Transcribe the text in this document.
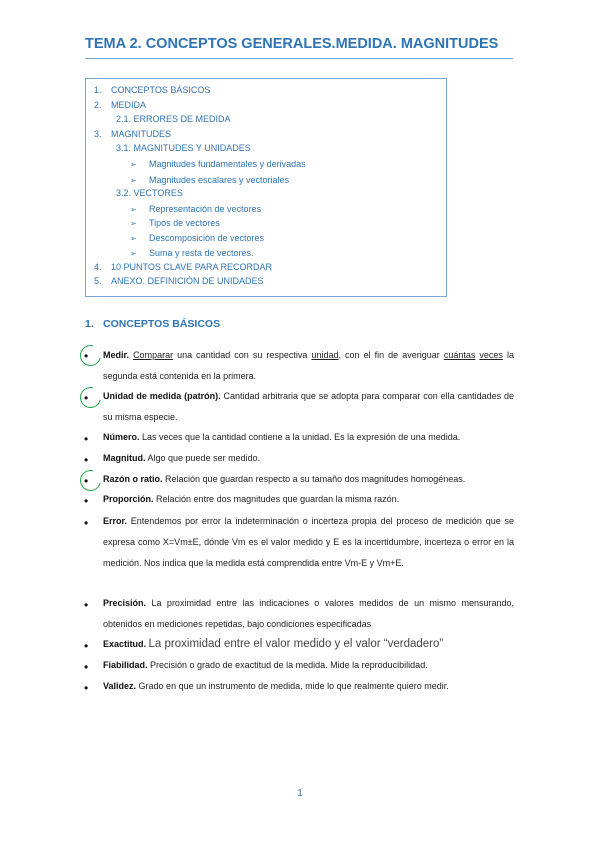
TEMA 2. CONCEPTOS GENERALES.MEDIDA. MAGNITUDES
1. CONCEPTOS BÁSICOS
2. MEDIDA
2.1. ERRORES DE MEDIDA
3. MAGNITUDES
3.1. MAGNITUDES Y UNIDADES
➢ Magnitudes fundamentales y derivadas
➢ Magnitudes escalares y vectoriales
3.2. VECTORES
➢ Representación de vectores
➢ Tipos de vectores
➢ Descomposición de vectores
➢ Suma y resta de vectores.
4. 10 PUNTOS CLAVE PARA RECORDAR
5. ANEXO. DEFINICIÓN DE UNIDADES
1. CONCEPTOS BÁSICOS
• Medir. Comparar una cantidad con su respectiva unidad, con el fin de averiguar cuántas veces la segunda está contenida en la primera.
• Unidad de medida (patrón). Cantidad arbitraria que se adopta para comparar con ella cantidades de su misma especie.
• Número. Las veces que la cantidad contiene a la unidad. Es la expresión de una medida.
• Magnitud. Algo que puede ser medido.
• Razón o ratio. Relación que guardan respecto a su tamaño dos magnitudes homogéneas.
• Proporción. Relación entre dos magnitudes que guardan la misma razón.
• Error. Entendemos por error la indeterminación o incerteza propia del proceso de medición que se expresa como X=Vm±E, dónde Vm es el valor medido y E es la incertidumbre, incerteza o error en la medición. Nos indica que la medida está comprendida entre Vm-E y Vm+E.
• Precisión. La proximidad entre las indicaciones o valores medidos de un mismo mensurando, obtenidos en mediciones repetidas, bajo condiciones especificadas
• Exactitud. La proximidad entre el valor medido y el valor “verdadero”
• Fiabilidad. Precisión o grado de exactitud de la medida. Mide la reproducibilidad.
• Validez. Grado en que un instrumento de medida, mide lo que realmente quiero medir.
1
